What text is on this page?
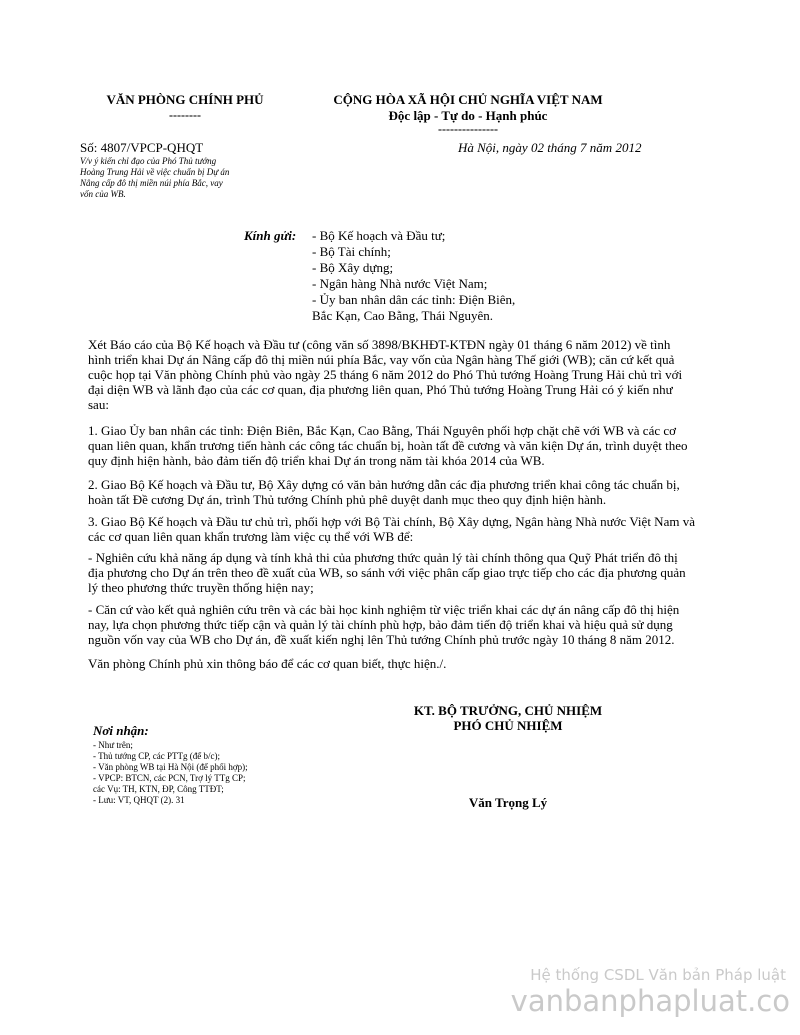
VĂN PHÒNG CHÍNH PHỦ
--------
CỘNG HÒA XÃ HỘI CHỦ NGHĨA VIỆT NAM
Độc lập - Tự do - Hạnh phúc
---------------
Số: 4807/VPCP-QHQT	Hà Nội, ngày 02 tháng 7 năm 2012
V/v ý kiến chỉ đạo của Phó Thủ tướng
Hoàng Trung Hải về việc chuẩn bị Dự án
Nâng cấp đô thị miền núi phía Bắc, vay
vốn của WB.
Kính gửi: - Bộ Kế hoạch và Đầu tư;
- Bộ Tài chính;
- Bộ Xây dựng;
- Ngân hàng Nhà nước Việt Nam;
- Ủy ban nhân dân các tỉnh: Điện Biên,
Bắc Kạn, Cao Bằng, Thái Nguyên.
Xét Báo cáo của Bộ Kế hoạch và Đầu tư (công văn số 3898/BKHĐT-KTĐN ngày 01 tháng 6 năm 2012) về tình
hình triển khai Dự án Nâng cấp đô thị miền núi phía Bắc, vay vốn của Ngân hàng Thế giới (WB); căn cứ kết quả
cuộc họp tại Văn phòng Chính phủ vào ngày 25 tháng 6 năm 2012 do Phó Thủ tướng Hoàng Trung Hải chủ trì với
đại diện WB và lãnh đạo của các cơ quan, địa phương liên quan, Phó Thủ tướng Hoàng Trung Hải có ý kiến như
sau:
1. Giao Ủy ban nhân các tỉnh: Điện Biên, Bắc Kạn, Cao Bằng, Thái Nguyên phối hợp chặt chẽ với WB và các cơ
quan liên quan, khẩn trương tiến hành các công tác chuẩn bị, hoàn tất đề cương và văn kiện Dự án, trình duyệt theo
quy định hiện hành, bảo đảm tiến độ triển khai Dự án trong năm tài khóa 2014 của WB.
2. Giao Bộ Kế hoạch và Đầu tư, Bộ Xây dựng có văn bản hướng dẫn các địa phương triển khai công tác chuẩn bị,
hoàn tất Đề cương Dự án, trình Thủ tướng Chính phủ phê duyệt danh mục theo quy định hiện hành.
3. Giao Bộ Kế hoạch và Đầu tư chủ trì, phối hợp với Bộ Tài chính, Bộ Xây dựng, Ngân hàng Nhà nước Việt Nam và
các cơ quan liên quan khẩn trương làm việc cụ thể với WB để:
- Nghiên cứu khả năng áp dụng và tính khả thi của phương thức quản lý tài chính thông qua Quỹ Phát triển đô thị
địa phương cho Dự án trên theo đề xuất của WB, so sánh với việc phân cấp giao trực tiếp cho các địa phương quản
lý theo phương thức truyền thống hiện nay;
- Căn cứ vào kết quả nghiên cứu trên và các bài học kinh nghiệm từ việc triển khai các dự án nâng cấp đô thị hiện
nay, lựa chọn phương thức tiếp cận và quản lý tài chính phù hợp, bảo đảm tiến độ triển khai và hiệu quả sử dụng
nguồn vốn vay của WB cho Dự án, đề xuất kiến nghị lên Thủ tướng Chính phủ trước ngày 10 tháng 8 năm 2012.
Văn phòng Chính phủ xin thông báo để các cơ quan biết, thực hiện./.
KT. BỘ TRƯỞNG, CHỦ NHIỆM
PHÓ CHỦ NHIỆM
Văn Trọng Lý
Nơi nhận:
- Như trên;
- Thủ tướng CP, các PTTg (để b/c);
- Văn phòng WB tại Hà Nội (để phối hợp);
- VPCP: BTCN, các PCN, Trợ lý TTg CP;
các Vụ: TH, KTN, ĐP, Công TTĐT;
- Lưu: VT, QHQT (2). 31
Hệ thống CSDL Văn bản Pháp luật
vanbanphapluat.co
